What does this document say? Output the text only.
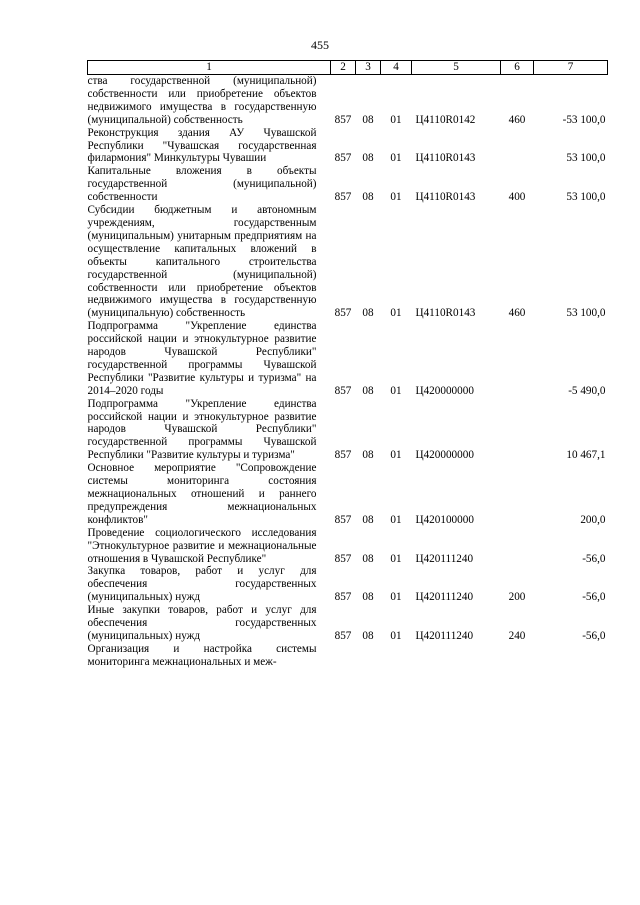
455
1	2	3	4	5	6	7
ства государственной (муниципальной) собственности или приобретение объектов недвижимого имущества в государственную (муниципальной) собственность	857	08	01	Ц4110R0142	460	-53 100,0
Реконструкция здания АУ Чувашской Республики "Чувашская государственная филармония" Минкультуры Чувашии	857	08	01	Ц4110R0143		53 100,0
Капитальные вложения в объекты государственной (муниципальной) собственности	857	08	01	Ц4110R0143	400	53 100,0
Субсидии бюджетным и автономным учреждениям, государственным (муниципальным) унитарным предприятиям на осуществление капитальных вложений в объекты капитального строительства государственной (муниципальной) собственности или приобретение объектов недвижимого имущества в государственную (муниципальную) собственность	857	08	01	Ц4110R0143	460	53 100,0
Подпрограмма "Укрепление единства российской нации и этнокультурное развитие народов Чувашской Республики" государственной программы Чувашской Республики "Развитие культуры и туризма" на 2014–2020 годы	857	08	01	Ц420000000		-5 490,0
Подпрограмма "Укрепление единства российской нации и этнокультурное развитие народов Чувашской Республики" государственной программы Чувашской Республики "Развитие культуры и туризма"	857	08	01	Ц420000000		10 467,1
Основное мероприятие "Сопровождение системы мониторинга состояния межнациональных отношений и раннего предупреждения межнациональных конфликтов"	857	08	01	Ц420100000		200,0
Проведение социологического исследования "Этнокультурное развитие и межнациональные отношения в Чувашской Республике"	857	08	01	Ц420111240		-56,0
Закупка товаров, работ и услуг для обеспечения государственных (муниципальных) нужд	857	08	01	Ц420111240	200	-56,0
Иные закупки товаров, работ и услуг для обеспечения государственных (муниципальных) нужд	857	08	01	Ц420111240	240	-56,0
Организация и настройка системы мониторинга межнациональных и меж-						
